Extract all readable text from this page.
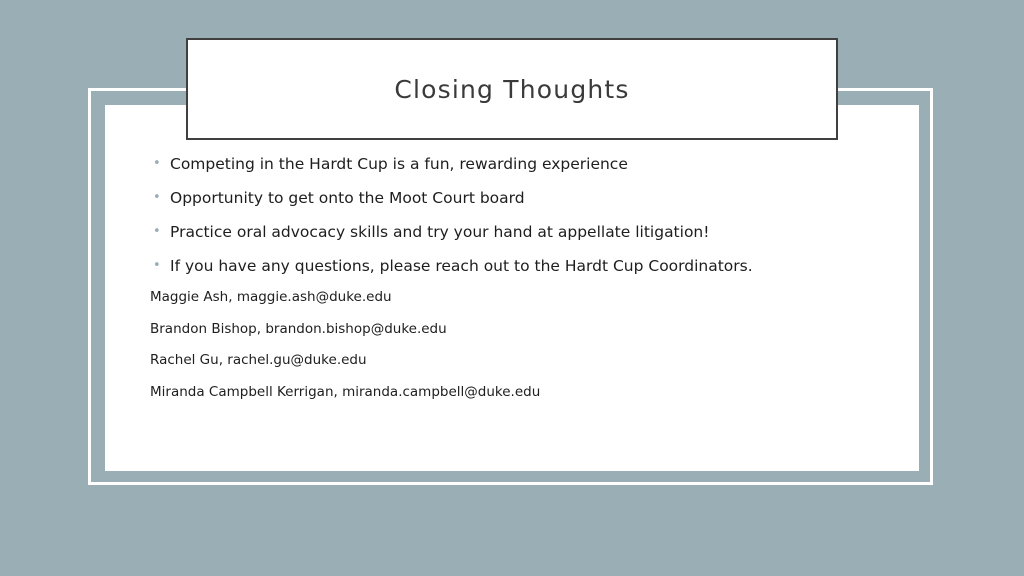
Closing Thoughts
• Competing in the Hardt Cup is a fun, rewarding experience
• Opportunity to get onto the Moot Court board
• Practice oral advocacy skills and try your hand at appellate litigation!
• If you have any questions, please reach out to the Hardt Cup Coordinators.
Maggie Ash, maggie.ash@duke.edu
Brandon Bishop, brandon.bishop@duke.edu
Rachel Gu, rachel.gu@duke.edu
Miranda Campbell Kerrigan, miranda.campbell@duke.edu
